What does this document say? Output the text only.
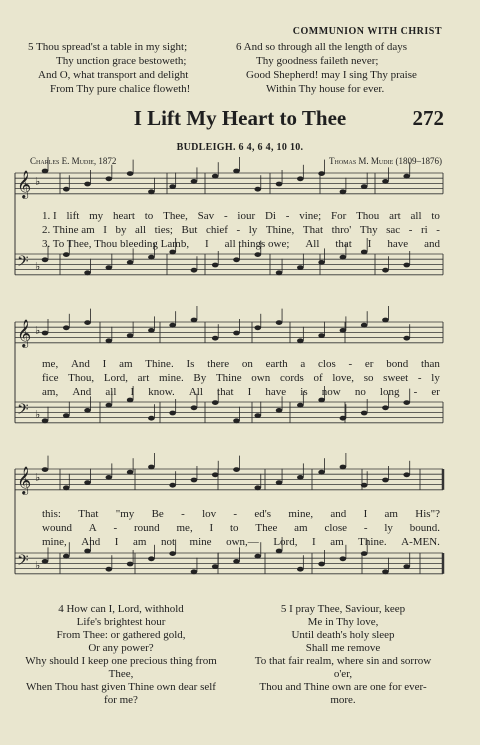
COMMUNION WITH CHRIST
5 Thou spread'st a table in my sight;
Thy unction grace bestoweth;
And O, what transport and delight
From Thy pure chalice floweth!
6 And so through all the length of days
Thy goodness faileth never;
Good Shepherd! may I sing Thy praise
Within Thy house for ever.
I Lift My Heart to Thee	272
BUDLEIGH. 6 4, 6 4, 10 10.
Charles E. Mudie, 1872	Thomas M. Mudie (1809–1876)
𝄞 ♭
𝄢 ♭
𝄞 ♭
𝄢 ♭
𝄞 ♭
𝄢 ♭
1. I lift my heart to Thee, Sav - iour Di - vine; For Thou art all to
2. Thine am I by all ties; But chief - ly Thine, That thro' Thy sac - ri -
3. To Thee, Thou bleeding Lamb, I all things owe; All that I have and
me, And I am Thine. Is there on earth a clos - er bond than
fice Thou, Lord, art mine. By Thine own cords of love, so sweet - ly
am, And all I know. All that I have is now no long - er
this: That "my Be - lov - ed's mine, and I am His"?
wound A - round me, I to Thee am close - ly bound.
mine, And I am not mine own,— Lord, I am Thine. A-MEN.
4 How can I, Lord, withhold
Life's brightest hour
From Thee: or gathered gold,
Or any power?
Why should I keep one precious thing from
Thee,
When Thou hast given Thine own dear self
for me?
5 I pray Thee, Saviour, keep
Me in Thy love,
Until death's holy sleep
Shall me remove
To that fair realm, where sin and sorrow
o'er,
Thou and Thine own are one for ever-
more.
